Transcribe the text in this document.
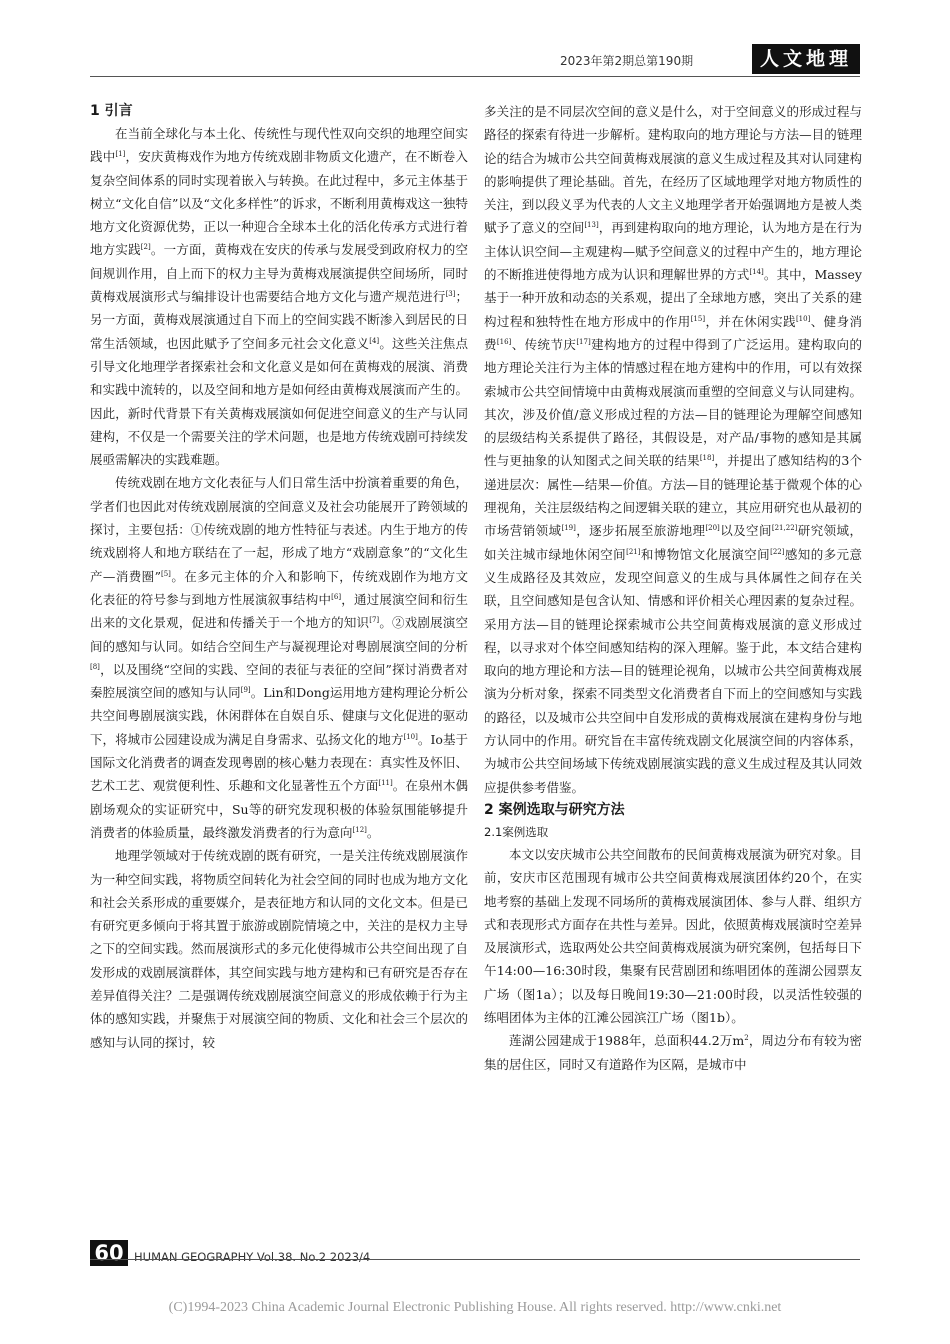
2023年第2期总第190期	人文地理
1 引言

在当前全球化与本土化、传统性与现代性双向交织的地理空间实践中[1]，安庆黄梅戏作为地方传统戏剧非物质文化遗产，在不断卷入复杂空间体系的同时实现着嵌入与转换。在此过程中，多元主体基于树立“文化自信”以及“文化多样性”的诉求，不断利用黄梅戏这一独特地方文化资源优势，正以一种迎合全球本土化的活化传承方式进行着地方实践[2]。一方面，黄梅戏在安庆的传承与发展受到政府权力的空间规训作用，自上而下的权力主导为黄梅戏展演提供空间场所，同时黄梅戏展演形式与编排设计也需要结合地方文化与遗产规范进行[3]；另一方面，黄梅戏展演通过自下而上的空间实践不断渗入到居民的日常生活领域，也因此赋予了空间多元社会文化意义[4]。这些关注焦点引导文化地理学者探索社会和文化意义是如何在黄梅戏的展演、消费和实践中流转的，以及空间和地方是如何经由黄梅戏展演而产生的。因此，新时代背景下有关黄梅戏展演如何促进空间意义的生产与认同建构，不仅是一个需要关注的学术问题，也是地方传统戏剧可持续发展亟需解决的实践难题。

传统戏剧在地方文化表征与人们日常生活中扮演着重要的角色，学者们也因此对传统戏剧展演的空间意义及社会功能展开了跨领域的探讨，主要包括：①传统戏剧的地方性特征与表述。内生于地方的传统戏剧将人和地方联结在了一起，形成了地方“戏剧意象”的“文化生产—消费圈”[5]。在多元主体的介入和影响下，传统戏剧作为地方文化表征的符号参与到地方性展演叙事结构中[6]，通过展演空间和衍生出来的文化景观，促进和传播关于一个地方的知识[7]。②戏剧展演空间的感知与认同。如结合空间生产与凝视理论对粤剧展演空间的分析[8]，以及围绕“空间的实践、空间的表征与表征的空间”探讨消费者对秦腔展演空间的感知与认同[9]。Lin和Dong运用地方建构理论分析公共空间粤剧展演实践，休闲群体在自娱自乐、健康与文化促进的驱动下，将城市公园建设成为满足自身需求、弘扬文化的地方[10]。Io基于国际文化消费者的调查发现粤剧的核心魅力表现在：真实性及怀旧、艺术工艺、观赏便利性、乐趣和文化显著性五个方面[11]。在泉州木偶剧场观众的实证研究中，Su等的研究发现积极的体验氛围能够提升消费者的体验质量，最终激发消费者的行为意向[12]。

地理学领域对于传统戏剧的既有研究，一是关注传统戏剧展演作为一种空间实践，将物质空间转化为社会空间的同时也成为地方文化和社会关系形成的重要媒介，是表征地方和认同的文化文本。但是已有研究更多倾向于将其置于旅游或剧院情境之中，关注的是权力主导之下的空间实践。然而展演形式的多元化使得城市公共空间出现了自发形成的戏剧展演群体，其空间实践与地方建构和已有研究是否存在差异值得关注？二是强调传统戏剧展演空间意义的形成依赖于行为主体的感知实践，并聚焦于对展演空间的物质、文化和社会三个层次的感知与认同的探讨，较

多关注的是不同层次空间的意义是什么，对于空间意义的形成过程与路径的探索有待进一步解析。建构取向的地方理论与方法—目的链理论的结合为城市公共空间黄梅戏展演的意义生成过程及其对认同建构的影响提供了理论基础。首先，在经历了区域地理学对地方物质性的关注，到以段义孚为代表的人文主义地理学者开始强调地方是被人类赋予了意义的空间[13]，再到建构取向的地方理论，认为地方是在行为主体认识空间—主观建构—赋予空间意义的过程中产生的，地方理论的不断推进使得地方成为认识和理解世界的方式[14]。其中，Massey基于一种开放和动态的关系观，提出了全球地方感，突出了关系的建构过程和独特性在地方形成中的作用[15]，并在休闲实践[10]、健身消费[16]、传统节庆[17]建构地方的过程中得到了广泛运用。建构取向的地方理论关注行为主体的情感过程在地方建构中的作用，可以有效探索城市公共空间情境中由黄梅戏展演而重塑的空间意义与认同建构。其次，涉及价值/意义形成过程的方法—目的链理论为理解空间感知的层级结构关系提供了路径，其假设是，对产品/事物的感知是其属性与更抽象的认知图式之间关联的结果[18]，并提出了感知结构的3个递进层次：属性—结果—价值。方法—目的链理论基于微观个体的心理视角，关注层级结构之间逻辑关联的建立，其应用研究也从最初的市场营销领域[19]，逐步拓展至旅游地理[20]以及空间[21,22]研究领域，如关注城市绿地休闲空间[21]和博物馆文化展演空间[22]感知的多元意义生成路径及其效应，发现空间意义的生成与具体属性之间存在关联，且空间感知是包含认知、情感和评价相关心理因素的复杂过程。采用方法—目的链理论探索城市公共空间黄梅戏展演的意义形成过程，以寻求对个体空间感知结构的深入理解。鉴于此，本文结合建构取向的地方理论和方法—目的链理论视角，以城市公共空间黄梅戏展演为分析对象，探索不同类型文化消费者自下而上的空间感知与实践的路径，以及城市公共空间中自发形成的黄梅戏展演在建构身份与地方认同中的作用。研究旨在丰富传统戏剧文化展演空间的内容体系，为城市公共空间场域下传统戏剧展演实践的意义生成过程及其认同效应提供参考借鉴。

2 案例选取与研究方法
2.1案例选取

本文以安庆城市公共空间散布的民间黄梅戏展演为研究对象。目前，安庆市区范围现有城市公共空间黄梅戏展演团体约20个，在实地考察的基础上发现不同场所的黄梅戏展演团体、参与人群、组织方式和表现形式方面存在共性与差异。因此，依照黄梅戏展演时空差异及展演形式，选取两处公共空间黄梅戏展演为研究案例，包括每日下午14:00—16:30时段，集聚有民营剧团和练唱团体的莲湖公园票友广场（图1a）；以及每日晚间19:30—21:00时段，以灵活性较强的练唱团体为主体的江滩公园滨江广场（图1b）。

莲湖公园建成于1988年，总面积44.2万$m^2$，周边分布有较为密集的居住区，同时又有道路作为区隔，是城市中

60 HUMAN GEOGRAPHY Vol.38. No.2 2023/4
(C)1994-2023 China Academic Journal Electronic Publishing House. All rights reserved. http://www.cnki.net
